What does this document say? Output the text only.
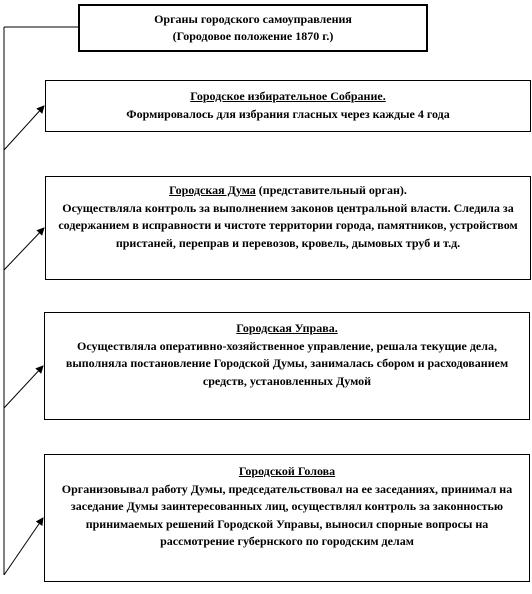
Органы городского самоуправления
(Городовое положение 1870 г.)
Городское избирательное Собрание.
Формировалось для избрания гласных через каждые 4 года
Городская Дума (представительный орган).
Осуществляла контроль за выполнением законов центральной власти. Следила за содержанием в исправности и чистоте территории города, памятников, устройством пристаней, переправ и перевозов, кровель, дымовых труб и т.д.
Городская Управа.
Осуществляла оперативно-хозяйственное управление, решала текущие дела, выполняла постановление Городской Думы, занималась сбором и расходованием средств, установленных Думой
Городской Голова
Организовывал работу Думы, председательствовал на ее заседаниях, принимал на заседание Думы заинтересованных лиц, осуществлял контроль за законностью принимаемых решений Городской Управы, выносил спорные вопросы на рассмотрение губернского по городским делам
